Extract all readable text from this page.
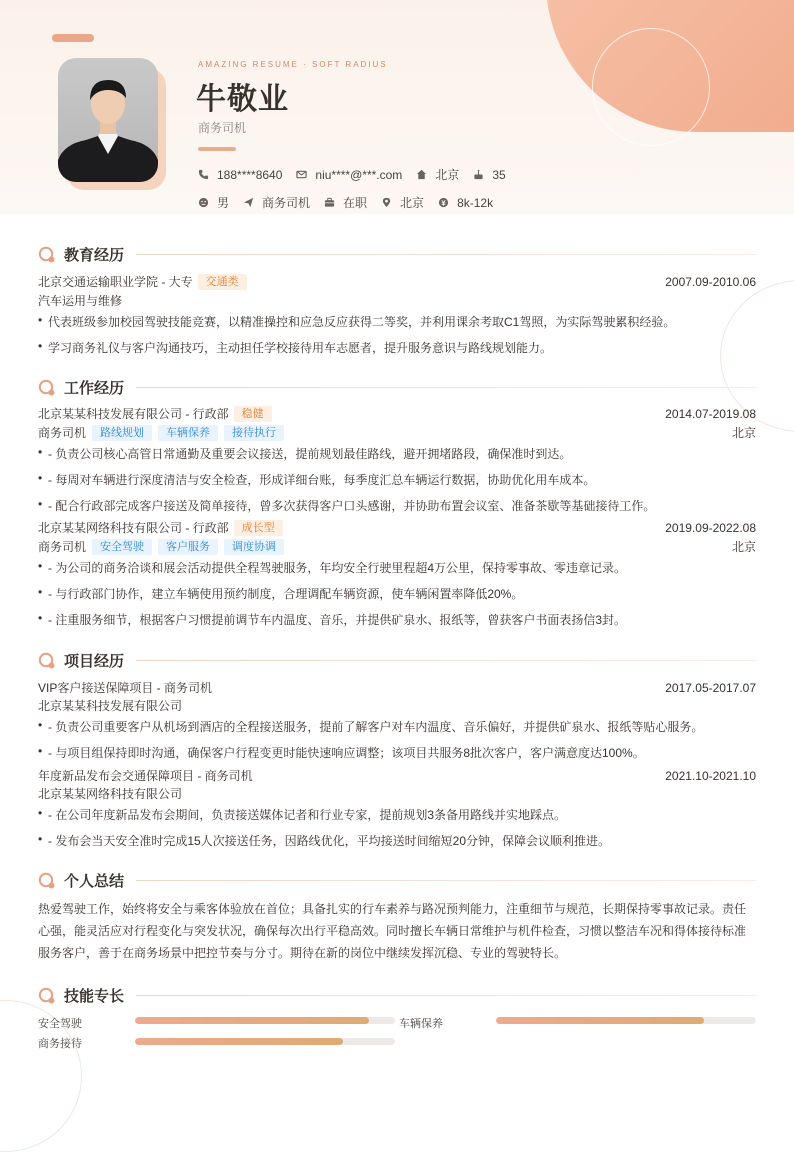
AMAZING RESUME · SOFT RADIUS
牛敬业
商务司机
188****8640	niu****@***.com	北京	35
男	商务司机	在职	北京	8k-12k
教育经历
北京交通运输职业学院 - 大专	交通类	2007.09-2010.06
汽车运用与维修
• 代表班级参加校园驾驶技能竞赛，以精准操控和应急反应获得二等奖，并利用课余考取C1驾照，为实际驾驶累积经验。
• 学习商务礼仪与客户沟通技巧，主动担任学校接待用车志愿者，提升服务意识与路线规划能力。
工作经历
北京某某科技发展有限公司 - 行政部	稳健	2014.07-2019.08
商务司机	路线规划	车辆保养	接待执行	北京
• - 负责公司核心高管日常通勤及重要会议接送，提前规划最佳路线，避开拥堵路段，确保准时到达。
• - 每周对车辆进行深度清洁与安全检查，形成详细台账，每季度汇总车辆运行数据，协助优化用车成本。
• - 配合行政部完成客户接送及简单接待，曾多次获得客户口头感谢，并协助布置会议室、准备茶歇等基础接待工作。
北京某某网络科技有限公司 - 行政部	成长型	2019.09-2022.08
商务司机	安全驾驶	客户服务	调度协调	北京
• - 为公司的商务洽谈和展会活动提供全程驾驶服务，年均安全行驶里程超4万公里，保持零事故、零违章记录。
• - 与行政部门协作，建立车辆使用预约制度，合理调配车辆资源，使车辆闲置率降低20%。
• - 注重服务细节，根据客户习惯提前调节车内温度、音乐，并提供矿泉水、报纸等，曾获客户书面表扬信3封。
项目经历
VIP客户接送保障项目 - 商务司机	2017.05-2017.07
北京某某科技发展有限公司
• - 负责公司重要客户从机场到酒店的全程接送服务，提前了解客户对车内温度、音乐偏好，并提供矿泉水、报纸等贴心服务。
• - 与项目组保持即时沟通，确保客户行程变更时能快速响应调整；该项目共服务8批次客户，客户满意度达100%。
年度新品发布会交通保障项目 - 商务司机	2021.10-2021.10
北京某某网络科技有限公司
• - 在公司年度新品发布会期间，负责接送媒体记者和行业专家，提前规划3条备用路线并实地踩点。
• - 发布会当天安全准时完成15人次接送任务，因路线优化，平均接送时间缩短20分钟，保障会议顺利推进。
个人总结
热爱驾驶工作，始终将安全与乘客体验放在首位；具备扎实的行车素养与路况预判能力，注重细节与规范，长期保持零事故记录。责任心强，能灵活应对行程变化与突发状况，确保每次出行平稳高效。同时擅长车辆日常维护与机件检查，习惯以整洁车况和得体接待标准服务客户，善于在商务场景中把控节奏与分寸。期待在新的岗位中继续发挥沉稳、专业的驾驶特长。
技能专长
安全驾驶	车辆保养
商务接待
